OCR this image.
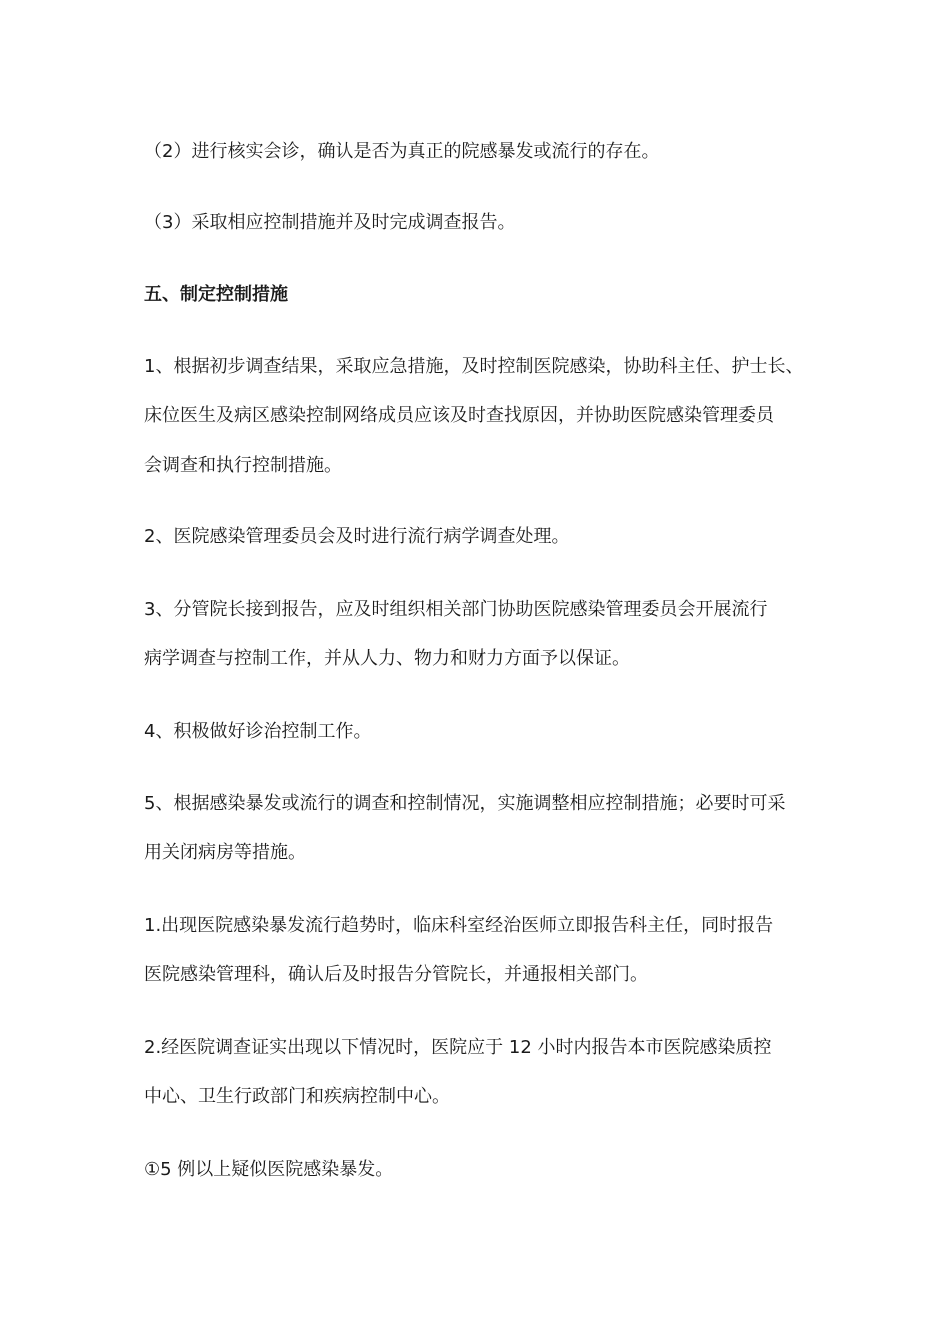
（2）进行核实会诊，确认是否为真正的院感暴发或流行的存在。
（3）采取相应控制措施并及时完成调查报告。
五、制定控制措施
1、根据初步调查结果，采取应急措施，及时控制医院感染，协助科主任、护士长、
床位医生及病区感染控制网络成员应该及时查找原因，并协助医院感染管理委员
会调查和执行控制措施。
2、医院感染管理委员会及时进行流行病学调查处理。
3、分管院长接到报告，应及时组织相关部门协助医院感染管理委员会开展流行
病学调查与控制工作，并从人力、物力和财力方面予以保证。
4、积极做好诊治控制工作。
5、根据感染暴发或流行的调查和控制情况，实施调整相应控制措施；必要时可采
用关闭病房等措施。
1.出现医院感染暴发流行趋势时，临床科室经治医师立即报告科主任，同时报告
医院感染管理科，确认后及时报告分管院长，并通报相关部门。
2.经医院调查证实出现以下情况时，医院应于 12 小时内报告本市医院感染质控
中心、卫生行政部门和疾病控制中心。
①5 例以上疑似医院感染暴发。
